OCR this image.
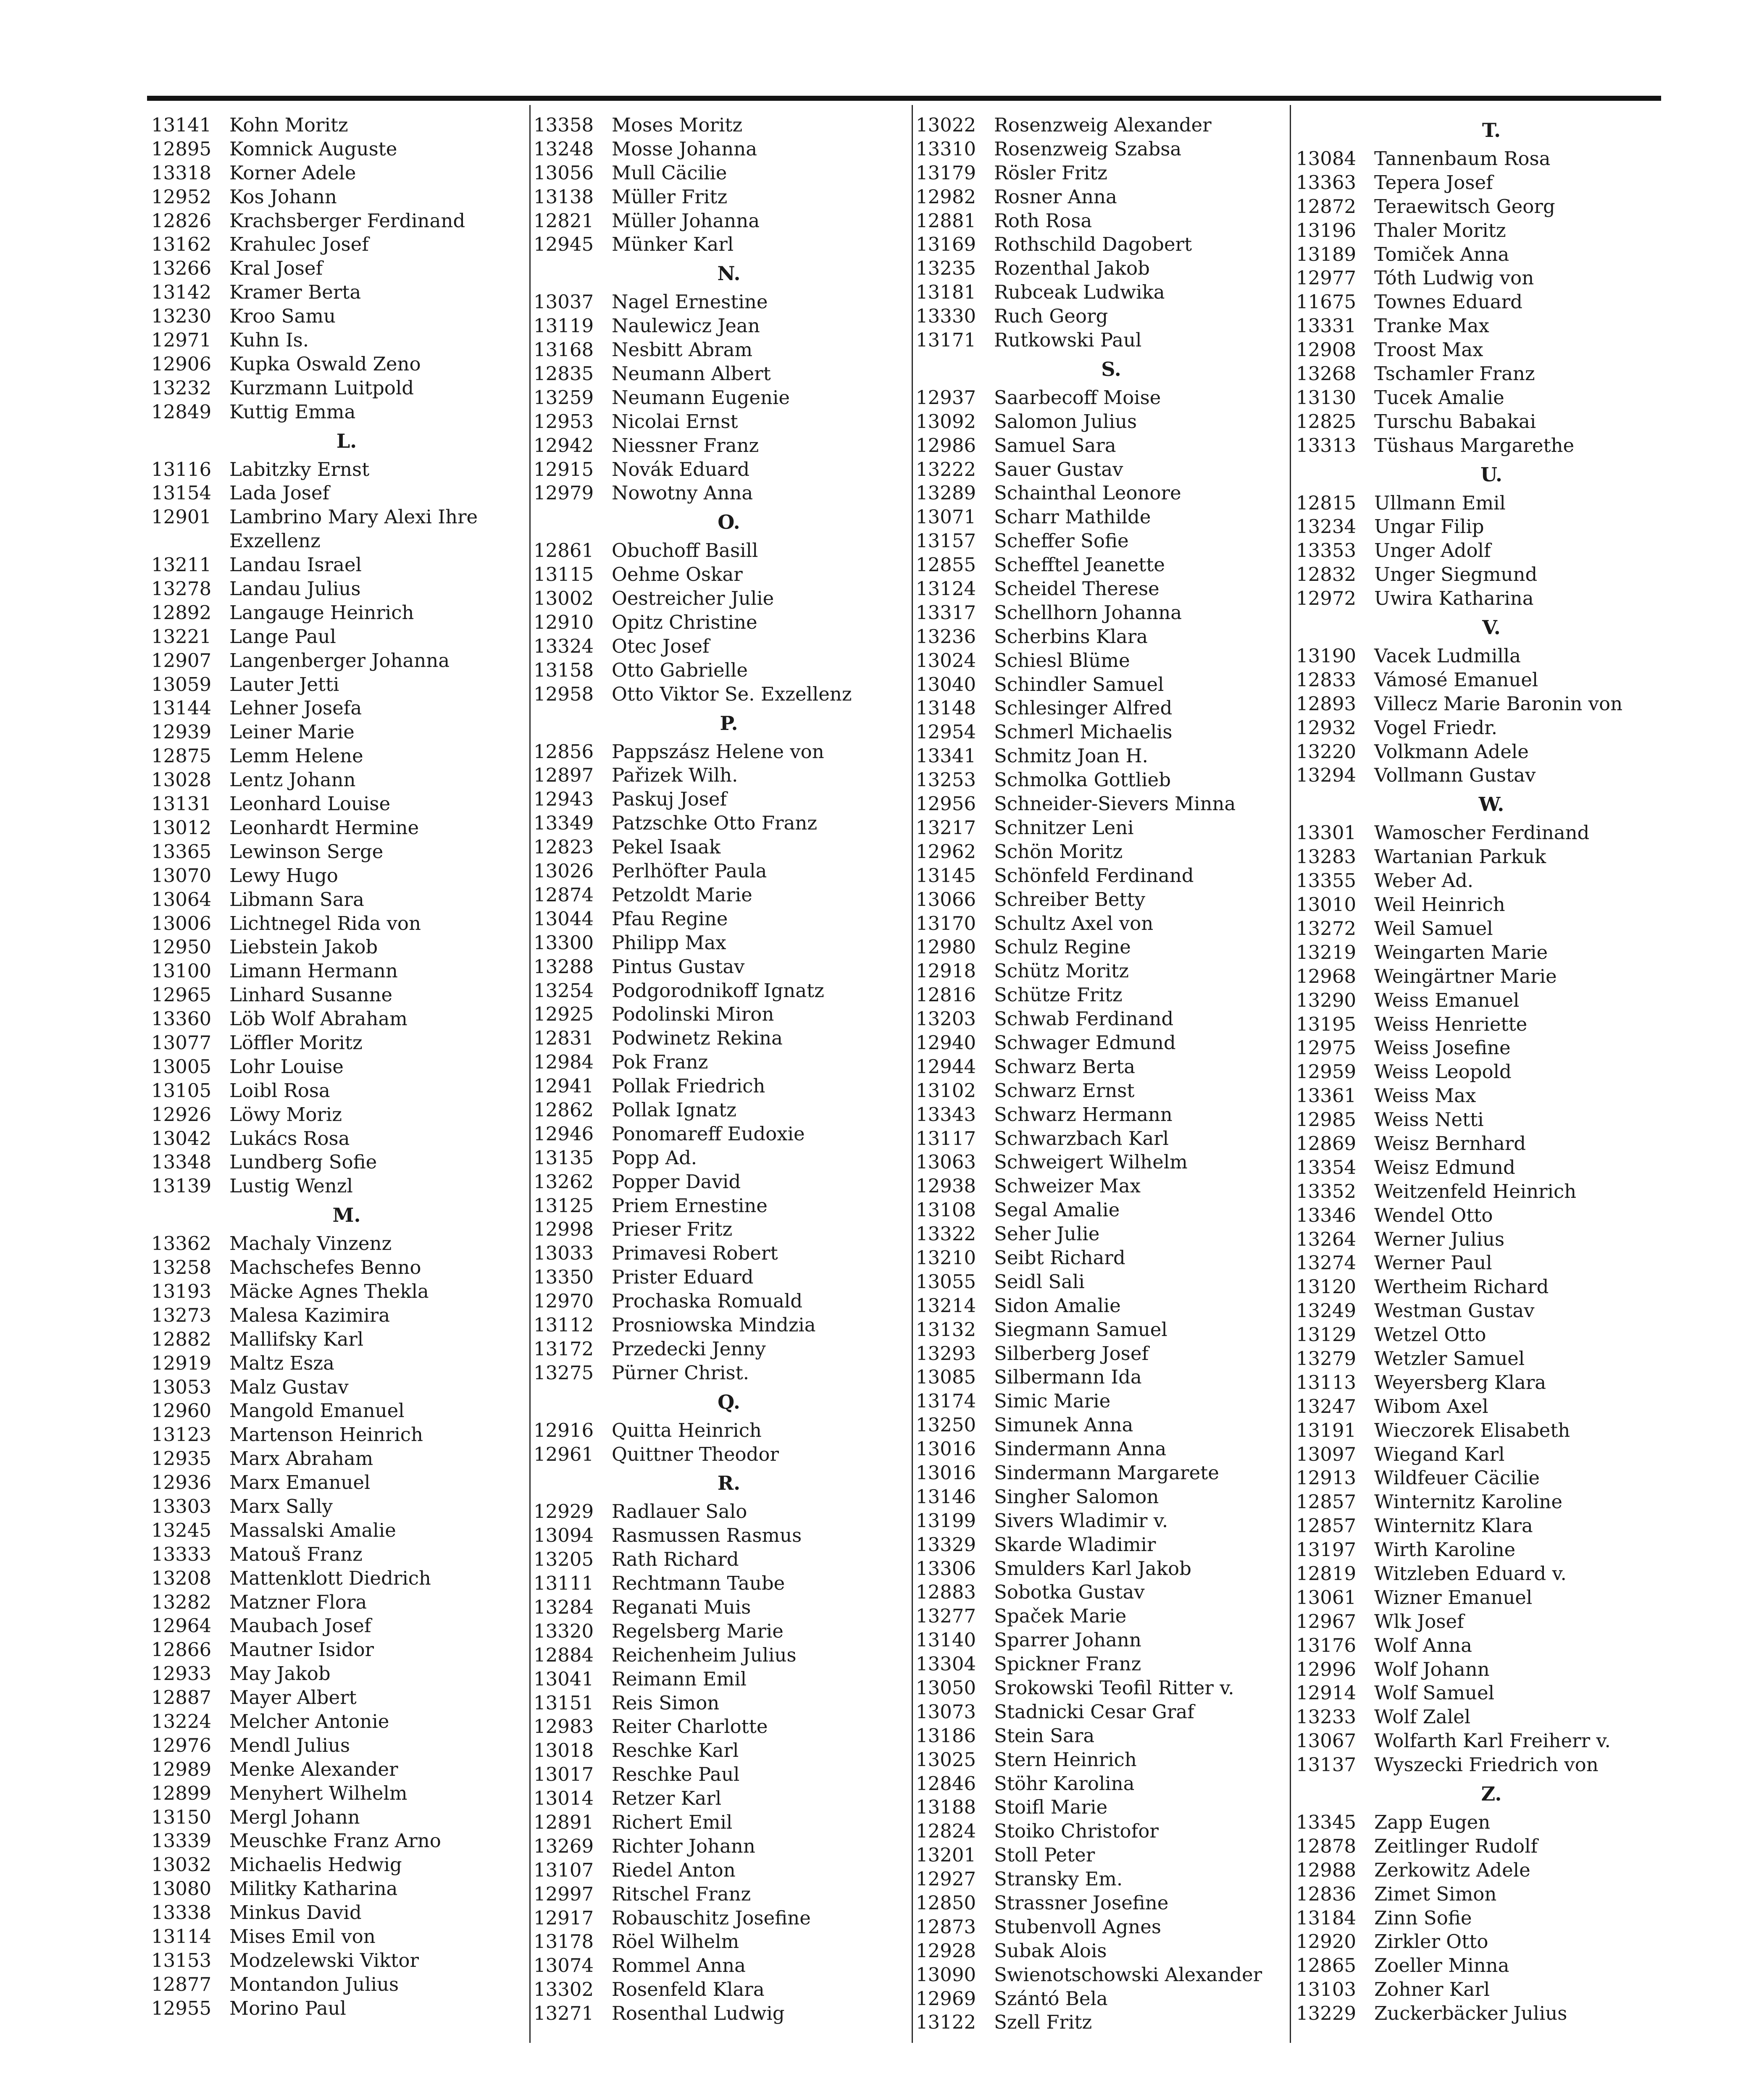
13141 Kohn Moritz
12895 Komnick Auguste
13318 Korner Adele
12952 Kos Johann
12826 Krachsberger Ferdinand
13162 Krahulec Josef
13266 Kral Josef
13142 Kramer Berta
13230 Kroo Samu
12971 Kuhn Is.
12906 Kupka Oswald Zeno
13232 Kurzmann Luitpold
12849 Kuttig Emma
L.
13116 Labitzky Ernst
13154 Lada Josef
12901 Lambrino Mary Alexi Ihre
Exzellenz
13211 Landau Israel
13278 Landau Julius
12892 Langauge Heinrich
13221 Lange Paul
12907 Langenberger Johanna
13059 Lauter Jetti
13144 Lehner Josefa
12939 Leiner Marie
12875 Lemm Helene
13028 Lentz Johann
13131 Leonhard Louise
13012 Leonhardt Hermine
13365 Lewinson Serge
13070 Lewy Hugo
13064 Libmann Sara
13006 Lichtnegel Rida von
12950 Liebstein Jakob
13100 Limann Hermann
12965 Linhard Susanne
13360 Löb Wolf Abraham
13077 Löffler Moritz
13005 Lohr Louise
13105 Loibl Rosa
12926 Löwy Moriz
13042 Lukács Rosa
13348 Lundberg Sofie
13139 Lustig Wenzl
M.
13362 Machaly Vinzenz
13258 Machschefes Benno
13193 Mäcke Agnes Thekla
13273 Malesa Kazimira
12882 Mallifsky Karl
12919 Maltz Esza
13053 Malz Gustav
12960 Mangold Emanuel
13123 Martenson Heinrich
12935 Marx Abraham
12936 Marx Emanuel
13303 Marx Sally
13245 Massalski Amalie
13333 Matouš Franz
13208 Mattenklott Diedrich
13282 Matzner Flora
12964 Maubach Josef
12866 Mautner Isidor
12933 May Jakob
12887 Mayer Albert
13224 Melcher Antonie
12976 Mendl Julius
12989 Menke Alexander
12899 Menyhert Wilhelm
13150 Mergl Johann
13339 Meuschke Franz Arno
13032 Michaelis Hedwig
13080 Militky Katharina
13338 Minkus David
13114 Mises Emil von
13153 Modzelewski Viktor
12877 Montandon Julius
12955 Morino Paul
13358 Moses Moritz
13248 Mosse Johanna
13056 Mull Cäcilie
13138 Müller Fritz
12821 Müller Johanna
12945 Münker Karl
N.
13037 Nagel Ernestine
13119 Naulewicz Jean
13168 Nesbitt Abram
12835 Neumann Albert
13259 Neumann Eugenie
12953 Nicolai Ernst
12942 Niessner Franz
12915 Novák Eduard
12979 Nowotny Anna
O.
12861 Obuchoff Basill
13115 Oehme Oskar
13002 Oestreicher Julie
12910 Opitz Christine
13324 Otec Josef
13158 Otto Gabrielle
12958 Otto Viktor Se. Exzellenz
P.
12856 Pappszász Helene von
12897 Pařizek Wilh.
12943 Paskuj Josef
13349 Patzschke Otto Franz
12823 Pekel Isaak
13026 Perlhöfter Paula
12874 Petzoldt Marie
13044 Pfau Regine
13300 Philipp Max
13288 Pintus Gustav
13254 Podgorodnikoff Ignatz
12925 Podolinski Miron
12831 Podwinetz Rekina
12984 Pok Franz
12941 Pollak Friedrich
12862 Pollak Ignatz
12946 Ponomareff Eudoxie
13135 Popp Ad.
13262 Popper David
13125 Priem Ernestine
12998 Prieser Fritz
13033 Primavesi Robert
13350 Prister Eduard
12970 Prochaska Romuald
13112 Prosniowska Mindzia
13172 Przedecki Jenny
13275 Pürner Christ.
Q.
12916 Quitta Heinrich
12961 Quittner Theodor
R.
12929 Radlauer Salo
13094 Rasmussen Rasmus
13205 Rath Richard
13111 Rechtmann Taube
13284 Reganati Muis
13320 Regelsberg Marie
12884 Reichenheim Julius
13041 Reimann Emil
13151 Reis Simon
12983 Reiter Charlotte
13018 Reschke Karl
13017 Reschke Paul
13014 Retzer Karl
12891 Richert Emil
13269 Richter Johann
13107 Riedel Anton
12997 Ritschel Franz
12917 Robauschitz Josefine
13178 Röel Wilhelm
13074 Rommel Anna
13302 Rosenfeld Klara
13271 Rosenthal Ludwig
13022 Rosenzweig Alexander
13310 Rosenzweig Szabsa
13179 Rösler Fritz
12982 Rosner Anna
12881 Roth Rosa
13169 Rothschild Dagobert
13235 Rozenthal Jakob
13181 Rubceak Ludwika
13330 Ruch Georg
13171 Rutkowski Paul
S.
12937 Saarbecoff Moise
13092 Salomon Julius
12986 Samuel Sara
13222 Sauer Gustav
13289 Schainthal Leonore
13071 Scharr Mathilde
13157 Scheffer Sofie
12855 Schefftel Jeanette
13124 Scheidel Therese
13317 Schellhorn Johanna
13236 Scherbins Klara
13024 Schiesl Blüme
13040 Schindler Samuel
13148 Schlesinger Alfred
12954 Schmerl Michaelis
13341 Schmitz Joan H.
13253 Schmolka Gottlieb
12956 Schneider-Sievers Minna
13217 Schnitzer Leni
12962 Schön Moritz
13145 Schönfeld Ferdinand
13066 Schreiber Betty
13170 Schultz Axel von
12980 Schulz Regine
12918 Schütz Moritz
12816 Schütze Fritz
13203 Schwab Ferdinand
12940 Schwager Edmund
12944 Schwarz Berta
13102 Schwarz Ernst
13343 Schwarz Hermann
13117 Schwarzbach Karl
13063 Schweigert Wilhelm
12938 Schweizer Max
13108 Segal Amalie
13322 Seher Julie
13210 Seibt Richard
13055 Seidl Sali
13214 Sidon Amalie
13132 Siegmann Samuel
13293 Silberberg Josef
13085 Silbermann Ida
13174 Simic Marie
13250 Simunek Anna
13016 Sindermann Anna
13016 Sindermann Margarete
13146 Singher Salomon
13199 Sivers Wladimir v.
13329 Skarde Wladimir
13306 Smulders Karl Jakob
12883 Sobotka Gustav
13277 Spaček Marie
13140 Sparrer Johann
13304 Spickner Franz
13050 Srokowski Teofil Ritter v.
13073 Stadnicki Cesar Graf
13186 Stein Sara
13025 Stern Heinrich
12846 Stöhr Karolina
13188 Stoifl Marie
12824 Stoiko Christofor
13201 Stoll Peter
12927 Stransky Em.
12850 Strassner Josefine
12873 Stubenvoll Agnes
12928 Subak Alois
13090 Swienotschowski Alexander
12969 Szántó Bela
13122 Szell Fritz
T.
13084 Tannenbaum Rosa
13363 Tepera Josef
12872 Teraewitsch Georg
13196 Thaler Moritz
13189 Tomiček Anna
12977 Tóth Ludwig von
11675 Townes Eduard
13331 Tranke Max
12908 Troost Max
13268 Tschamler Franz
13130 Tucek Amalie
12825 Turschu Babakai
13313 Tüshaus Margarethe
U.
12815 Ullmann Emil
13234 Ungar Filip
13353 Unger Adolf
12832 Unger Siegmund
12972 Uwira Katharina
V.
13190 Vacek Ludmilla
12833 Vámosé Emanuel
12893 Villecz Marie Baronin von
12932 Vogel Friedr.
13220 Volkmann Adele
13294 Vollmann Gustav
W.
13301 Wamoscher Ferdinand
13283 Wartanian Parkuk
13355 Weber Ad.
13010 Weil Heinrich
13272 Weil Samuel
13219 Weingarten Marie
12968 Weingärtner Marie
13290 Weiss Emanuel
13195 Weiss Henriette
12975 Weiss Josefine
12959 Weiss Leopold
13361 Weiss Max
12985 Weiss Netti
12869 Weisz Bernhard
13354 Weisz Edmund
13352 Weitzenfeld Heinrich
13346 Wendel Otto
13264 Werner Julius
13274 Werner Paul
13120 Wertheim Richard
13249 Westman Gustav
13129 Wetzel Otto
13279 Wetzler Samuel
13113 Weyersberg Klara
13247 Wibom Axel
13191 Wieczorek Elisabeth
13097 Wiegand Karl
12913 Wildfeuer Cäcilie
12857 Winternitz Karoline
12857 Winternitz Klara
13197 Wirth Karoline
12819 Witzleben Eduard v.
13061 Wizner Emanuel
12967 Wlk Josef
13176 Wolf Anna
12996 Wolf Johann
12914 Wolf Samuel
13233 Wolf Zalel
13067 Wolfarth Karl Freiherr v.
13137 Wyszecki Friedrich von
Z.
13345 Zapp Eugen
12878 Zeitlinger Rudolf
12988 Zerkowitz Adele
12836 Zimet Simon
13184 Zinn Sofie
12920 Zirkler Otto
12865 Zoeller Minna
13103 Zohner Karl
13229 Zuckerbäcker Julius
